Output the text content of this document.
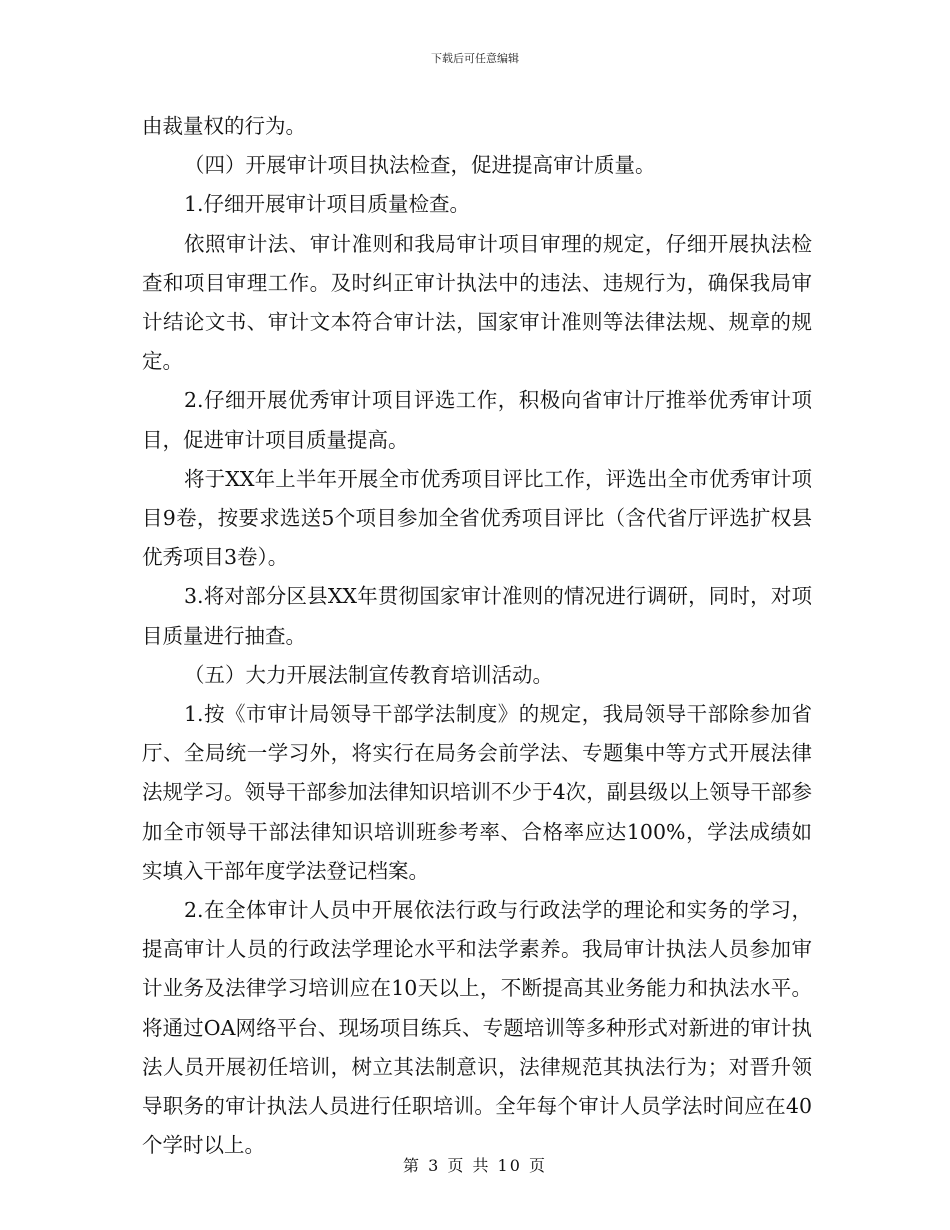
下载后可任意编辑

由裁量权的行为。

（四）开展审计项目执法检查，促进提高审计质量。

1.仔细开展审计项目质量检查。

依照审计法、审计准则和我局审计项目审理的规定，仔细开展执法检查和项目审理工作。及时纠正审计执法中的违法、违规行为，确保我局审计结论文书、审计文本符合审计法，国家审计准则等法律法规、规章的规定。

2.仔细开展优秀审计项目评选工作，积极向省审计厅推举优秀审计项目，促进审计项目质量提高。

将于XX年上半年开展全市优秀项目评比工作，评选出全市优秀审计项目9卷，按要求选送5个项目参加全省优秀项目评比（含代省厅评选扩权县优秀项目3卷）。

3.将对部分区县XX年贯彻国家审计准则的情况进行调研，同时，对项目质量进行抽查。

（五）大力开展法制宣传教育培训活动。

1.按《市审计局领导干部学法制度》的规定，我局领导干部除参加省厅、全局统一学习外，将实行在局务会前学法、专题集中等方式开展法律法规学习。领导干部参加法律知识培训不少于4次，副县级以上领导干部参加全市领导干部法律知识培训班参考率、合格率应达100%，学法成绩如实填入干部年度学法登记档案。

2.在全体审计人员中开展依法行政与行政法学的理论和实务的学习，提高审计人员的行政法学理论水平和法学素养。我局审计执法人员参加审计业务及法律学习培训应在10天以上，不断提高其业务能力和执法水平。将通过OA网络平台、现场项目练兵、专题培训等多种形式对新进的审计执法人员开展初任培训，树立其法制意识，法律规范其执法行为；对晋升领导职务的审计执法人员进行任职培训。全年每个审计人员学法时间应在40个学时以上。

第 3 页 共 10 页
